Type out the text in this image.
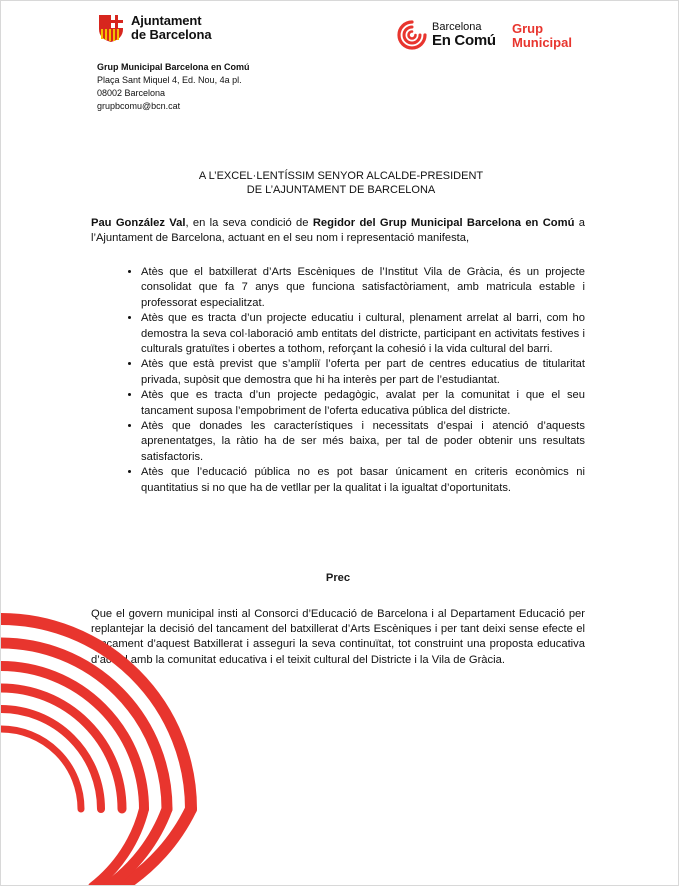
Ajuntament
de Barcelona
Barcelona
En Comú
Grup
Municipal
Grup Municipal Barcelona en Comú
Plaça Sant Miquel 4, Ed. Nou, 4a pl.
08002 Barcelona
grupbcomu@bcn.cat
A L’EXCEL·LENTÍSSIM SENYOR ALCALDE-PRESIDENT
DE L’AJUNTAMENT DE BARCELONA
Pau González Val, en la seva condició de Regidor del Grup Municipal Barcelona en Comú a l’Ajuntament de Barcelona, actuant en el seu nom i representació manifesta,
• Atès que el batxillerat d’Arts Escèniques de l’Institut Vila de Gràcia, és un projecte consolidat que fa 7 anys que funciona satisfactòriament, amb matricula estable i professorat especialitzat.
• Atès que es tracta d’un projecte educatiu i cultural, plenament arrelat al barri, com ho demostra la seva col·laboració amb entitats del districte, participant en activitats festives i culturals gratuïtes i obertes a tothom, reforçant la cohesió i la vida cultural del barri.
• Atès que està previst que s’ampliï l’oferta per part de centres educatius de titularitat privada, supòsit que demostra que hi ha interès per part de l’estudiantat.
• Atès que es tracta d’un projecte pedagògic, avalat per la comunitat i que el seu tancament suposa l’empobriment de l’oferta educativa pública del districte.
• Atès que donades les característiques i necessitats d’espai i atenció d’aquests aprenentatges, la ràtio ha de ser més baixa, per tal de poder obtenir uns resultats satisfactoris.
• Atès que l’educació pública no es pot basar únicament en criteris econòmics ni quantitatius si no que ha de vetllar per la qualitat i la igualtat d’oportunitats.
Prec
Que el govern municipal insti al Consorci d’Educació de Barcelona i al Departament Educació per replantejar la decisió del tancament del batxillerat d’Arts Escèniques i per tant deixi sense efecte el tancament d’aquest Batxillerat i asseguri la seva continuïtat, tot construint una proposta educativa d’acord amb la comunitat educativa i el teixit cultural del Districte i la Vila de Gràcia.
